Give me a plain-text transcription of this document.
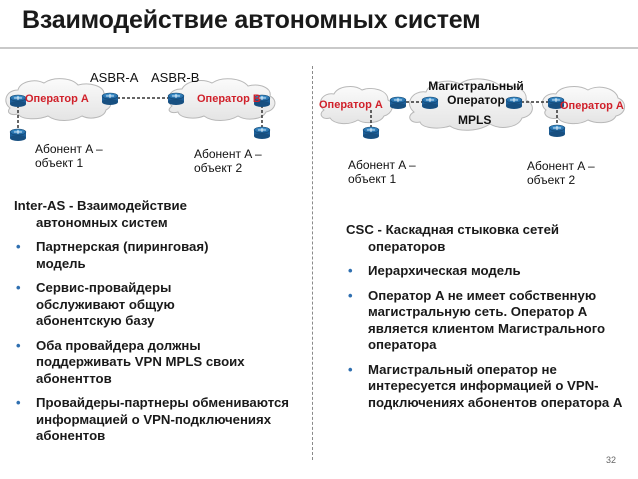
Взаимодействие автономных систем
ASBR-A ASBR-B
Оператор A	Оператор B
Абонент A –
объект 1
Абонент A –
объект 2
Магистральный
Оператор
MPLS
Оператор A	Оператор A
Абонент A –
объект 1
Абонент A –
объект 2
Inter-AS - Взаимодействие
автономных систем
• Партнерская (пиринговая) модель
• Сервис-провайдеры обслуживают общую абонентскую базу
• Оба провайдера должны поддерживать VPN MPLS своих абоненттов
• Провайдеры-партнеры обмениваются информацией о VPN-подключениях абонентов
CSC - Каскадная стыковка сетей
операторов
• Иерархическая модель
• Оператор A не имеет собственную магистральную сеть. Оператор A является клиентом Магистрального оператора
• Магистральный оператор не интересуется информацией о VPN-подключениях абонентов оператора A
32
